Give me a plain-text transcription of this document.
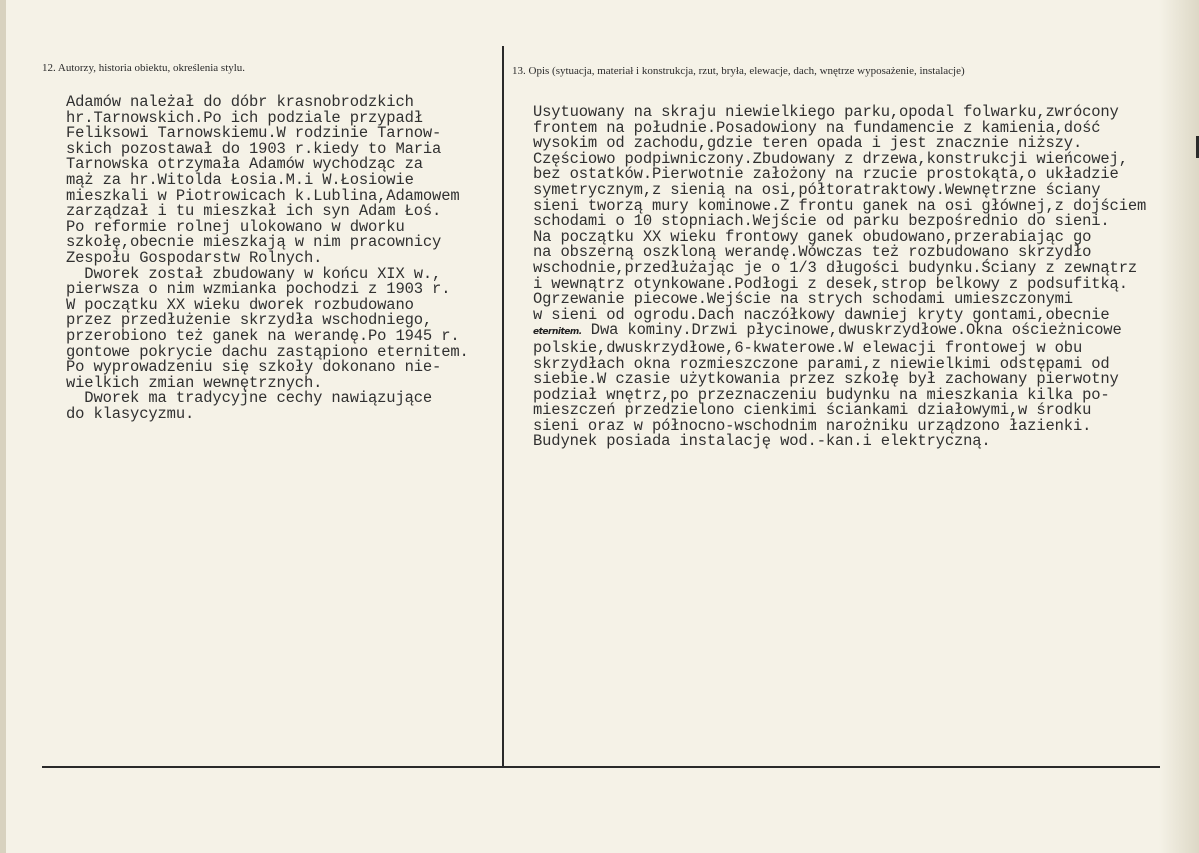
12. Autorzy, historia obiektu, określenia stylu.	13. Opis (sytuacja, materiał i konstrukcja, rzut, bryła, elewacje, dach, wnętrze wyposażenie, instalacje)
Adamów należał do dóbr krasnobrodzkich
hr.Tarnowskich.Po ich podziale przypadł
Feliksowi Tarnowskiemu.W rodzinie Tarnow-
skich pozostawał do 1903 r.kiedy to Maria
Tarnowska otrzymała Adamów wychodząc za
mąż za hr.Witolda Łosia.M.i W.Łosiowie
mieszkali w Piotrowicach k.Lublina,Adamowem
zarządzał i tu mieszkał ich syn Adam Łoś.
Po reformie rolnej ulokowano w dworku
szkołę,obecnie mieszkają w nim pracownicy
Zespołu Gospodarstw Rolnych.
Dworek został zbudowany w końcu XIX w.,
pierwsza o nim wzmianka pochodzi z 1903 r.
W początku XX wieku dworek rozbudowano
przez przedłużenie skrzydła wschodniego,
przerobiono też ganek na werandę.Po 1945 r.
gontowe pokrycie dachu zastąpiono eternitem.
Po wyprowadzeniu się szkoły dokonano nie-
wielkich zmian wewnętrznych.
Dworek ma tradycyjne cechy nawiązujące
do klasycyzmu.
Usytuowany na skraju niewielkiego parku,opodal folwarku,zwrócony
frontem na południe.Posadowiony na fundamencie z kamienia,dość
wysokim od zachodu,gdzie teren opada i jest znacznie niższy.
Częściowo podpiwniczony.Zbudowany z drzewa,konstrukcji wieńcowej,
bez ostatków.Pierwotnie założony na rzucie prostokąta,o układzie
symetrycznym,z sienią na osi,półtoratraktowy.Wewnętrzne ściany
sieni tworzą mury kominowe.Z frontu ganek na osi głównej,z dojściem
schodami o 10 stopniach.Wejście od parku bezpośrednio do sieni.
Na początku XX wieku frontowy ganek obudowano,przerabiając go
na obszerną oszkloną werandę.Wówczas też rozbudowano skrzydło
wschodnie,przedłużając je o 1/3 długości budynku.Ściany z zewnątrz
i wewnątrz otynkowane.Podłogi z desek,strop belkowy z podsufitką.
Ogrzewanie piecowe.Wejście na strych schodami umieszczonymi
w sieni od ogrodu.Dach naczółkowy dawniej kryty gontami,obecnie
eternitem. Dwa kominy.Drzwi płycinowe,dwuskrzydłowe.Okna ościeżnicowe
polskie,dwuskrzydłowe,6-kwaterowe.W elewacji frontowej w obu
skrzydłach okna rozmieszczone parami,z niewielkimi odstępami od
siebie.W czasie użytkowania przez szkołę był zachowany pierwotny
podział wnętrz,po przeznaczeniu budynku na mieszkania kilka po-
mieszczeń przedzielono cienkimi ściankami działowymi,w środku
sieni oraz w północno-wschodnim narożniku urządzono łazienki.
Budynek posiada instalację wod.-kan.i elektryczną.
